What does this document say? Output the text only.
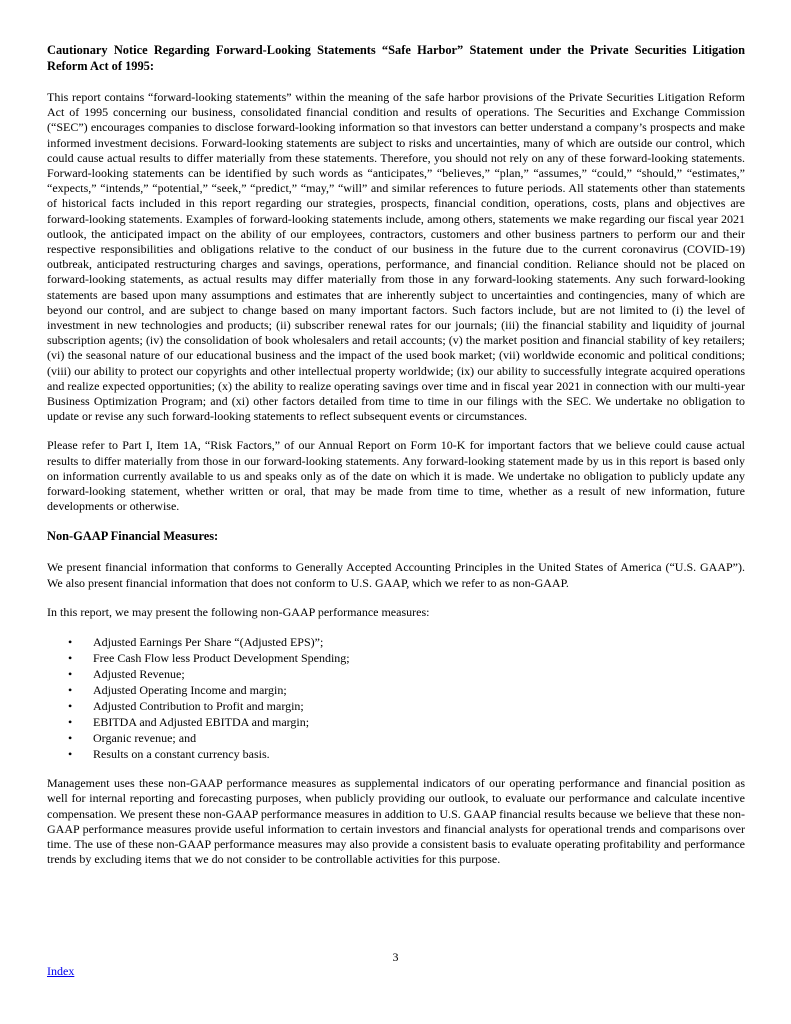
Cautionary Notice Regarding Forward-Looking Statements “Safe Harbor” Statement under the Private Securities Litigation Reform Act of 1995:

This report contains “forward-looking statements” within the meaning of the safe harbor provisions of the Private Securities Litigation Reform Act of 1995 concerning our business, consolidated financial condition and results of operations. The Securities and Exchange Commission (“SEC”) encourages companies to disclose forward-looking information so that investors can better understand a company’s prospects and make informed investment decisions. Forward-looking statements are subject to risks and uncertainties, many of which are outside our control, which could cause actual results to differ materially from these statements. Therefore, you should not rely on any of these forward-looking statements. Forward-looking statements can be identified by such words as “anticipates,” “believes,” “plan,” “assumes,” “could,” “should,” “estimates,” “expects,” “intends,” “potential,” “seek,” “predict,” “may,” “will” and similar references to future periods. All statements other than statements of historical facts included in this report regarding our strategies, prospects, financial condition, operations, costs, plans and objectives are forward-looking statements. Examples of forward-looking statements include, among others, statements we make regarding our fiscal year 2021 outlook, the anticipated impact on the ability of our employees, contractors, customers and other business partners to perform our and their respective responsibilities and obligations relative to the conduct of our business in the future due to the current coronavirus (COVID-19) outbreak, anticipated restructuring charges and savings, operations, performance, and financial condition. Reliance should not be placed on forward-looking statements, as actual results may differ materially from those in any forward-looking statements. Any such forward-looking statements are based upon many assumptions and estimates that are inherently subject to uncertainties and contingencies, many of which are beyond our control, and are subject to change based on many important factors. Such factors include, but are not limited to (i) the level of investment in new technologies and products; (ii) subscriber renewal rates for our journals; (iii) the financial stability and liquidity of journal subscription agents; (iv) the consolidation of book wholesalers and retail accounts; (v) the market position and financial stability of key retailers; (vi) the seasonal nature of our educational business and the impact of the used book market; (vii) worldwide economic and political conditions; (viii) our ability to protect our copyrights and other intellectual property worldwide; (ix) our ability to successfully integrate acquired operations and realize expected opportunities; (x) the ability to realize operating savings over time and in fiscal year 2021 in connection with our multi-year Business Optimization Program; and (xi) other factors detailed from time to time in our filings with the SEC. We undertake no obligation to update or revise any such forward-looking statements to reflect subsequent events or circumstances.

Please refer to Part I, Item 1A, “Risk Factors,” of our Annual Report on Form 10-K for important factors that we believe could cause actual results to differ materially from those in our forward-looking statements. Any forward-looking statement made by us in this report is based only on information currently available to us and speaks only as of the date on which it is made. We undertake no obligation to publicly update any forward-looking statement, whether written or oral, that may be made from time to time, whether as a result of new information, future developments or otherwise.

Non-GAAP Financial Measures:

We present financial information that conforms to Generally Accepted Accounting Principles in the United States of America (“U.S. GAAP”). We also present financial information that does not conform to U.S. GAAP, which we refer to as non-GAAP.

In this report, we may present the following non-GAAP performance measures:

• Adjusted Earnings Per Share “(Adjusted EPS)”;
• Free Cash Flow less Product Development Spending;
• Adjusted Revenue;
• Adjusted Operating Income and margin;
• Adjusted Contribution to Profit and margin;
• EBITDA and Adjusted EBITDA and margin;
• Organic revenue; and
• Results on a constant currency basis.

Management uses these non-GAAP performance measures as supplemental indicators of our operating performance and financial position as well for internal reporting and forecasting purposes, when publicly providing our outlook, to evaluate our performance and calculate incentive compensation. We present these non-GAAP performance measures in addition to U.S. GAAP financial results because we believe that these non-GAAP performance measures provide useful information to certain investors and financial analysts for operational trends and comparisons over time. The use of these non-GAAP performance measures may also provide a consistent basis to evaluate operating profitability and performance trends by excluding items that we do not consider to be controllable activities for this purpose.

3
Index
